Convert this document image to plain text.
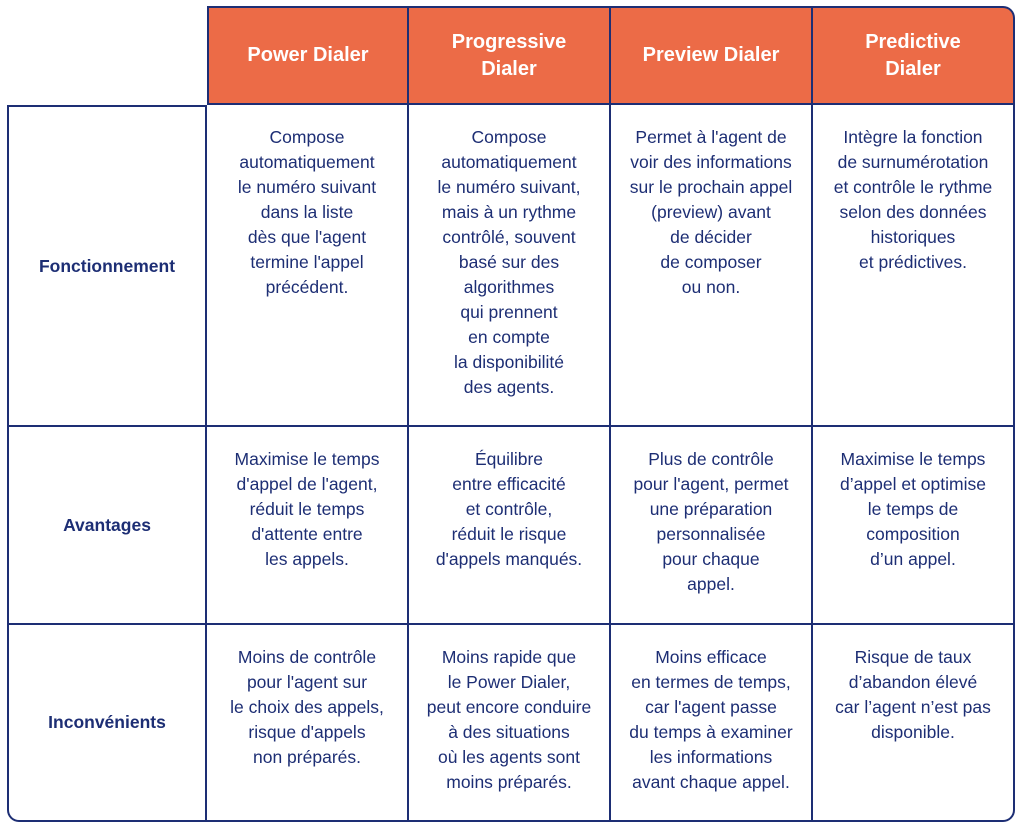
Power Dialer
Progressive
Dialer
Preview Dialer
Predictive
Dialer
Fonctionnement
Compose
automatiquement
le numéro suivant
dans la liste
dès que l'agent
termine l'appel
précédent.
Compose
automatiquement
le numéro suivant,
mais à un rythme
contrôlé, souvent
basé sur des
algorithmes
qui prennent
en compte
la disponibilité
des agents.
Permet à l'agent de
voir des informations
sur le prochain appel
(preview) avant
de décider
de composer
ou non.
Intègre la fonction
de surnumérotation
et contrôle le rythme
selon des données
historiques
et prédictives.
Avantages
Maximise le temps
d'appel de l'agent,
réduit le temps
d'attente entre
les appels.
Équilibre
entre efficacité
et contrôle,
réduit le risque
d'appels manqués.
Plus de contrôle
pour l'agent, permet
une préparation
personnalisée
pour chaque
appel.
Maximise le temps
d’appel et optimise
le temps de
composition
d’un appel.
Inconvénients
Moins de contrôle
pour l'agent sur
le choix des appels,
risque d'appels
non préparés.
Moins rapide que
le Power Dialer,
peut encore conduire
à des situations
où les agents sont
moins préparés.
Moins efficace
en termes de temps,
car l'agent passe
du temps à examiner
les informations
avant chaque appel.
Risque de taux
d’abandon élevé
car l’agent n’est pas
disponible.
